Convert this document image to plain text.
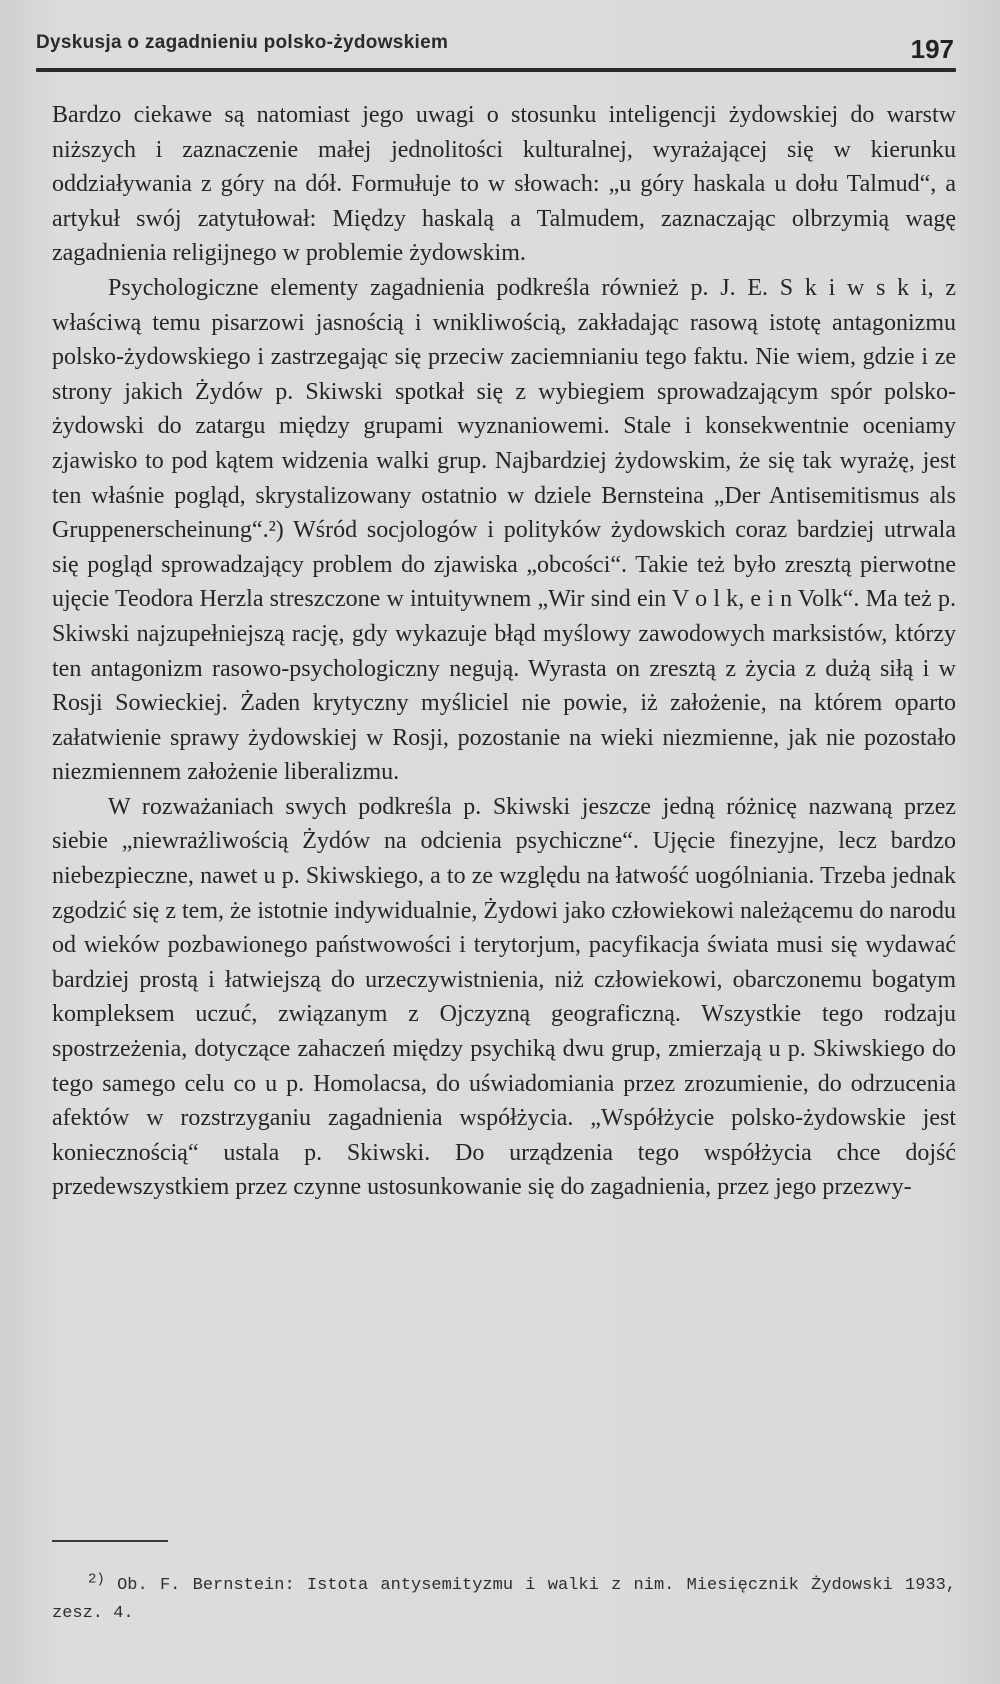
Dyskusja o zagadnieniu polsko-żydowskiem	197

Bardzo ciekawe są natomiast jego uwagi o stosunku inteligencji żydowskiej do warstw niższych i zaznaczenie małej jednolitości kulturalnej, wyrażającej się w kierunku oddziaływania z góry na dół. Formułuje to w słowach: „u góry haskala u dołu Talmud“, a artykuł swój zatytułował: Między haskalą a Talmudem, zaznaczając olbrzymią wagę zagadnienia religijnego w problemie żydowskim.

Psychologiczne elementy zagadnienia podkreśla również p. J. E. S k i w s k i, z właściwą temu pisarzowi jasnością i wnikliwością, zakładając rasową istotę antagonizmu polsko-żydowskiego i zastrzegając się przeciw zaciemnianiu tego faktu. Nie wiem, gdzie i ze strony jakich Żydów p. Skiwski spotkał się z wybiegiem sprowadzającym spór polsko-żydowski do zatargu między grupami wyznaniowemi. Stale i konsekwentnie oceniamy zjawisko to pod kątem widzenia walki grup. Najbardziej żydowskim, że się tak wyrażę, jest ten właśnie pogląd, skrystalizowany ostatnio w dziele Bernsteina „Der Antisemitismus als Gruppenerscheinung“.²) Wśród socjologów i polityków żydowskich coraz bardziej utrwala się pogląd sprowadzający problem do zjawiska „obcości“. Takie też było zresztą pierwotne ujęcie Teodora Herzla streszczone w intuitywnem „Wir sind ein V o l k, e i n Volk“. Ma też p. Skiwski najzupełniejszą rację, gdy wykazuje błąd myślowy zawodowych marksistów, którzy ten antagonizm rasowo-psychologiczny negują. Wyrasta on zresztą z życia z dużą siłą i w Rosji Sowieckiej. Żaden krytyczny myśliciel nie powie, iż założenie, na którem oparto załatwienie sprawy żydowskiej w Rosji, pozostanie na wieki niezmienne, jak nie pozostało niezmiennem założenie liberalizmu.

W rozważaniach swych podkreśla p. Skiwski jeszcze jedną różnicę nazwaną przez siebie „niewrażliwością Żydów na odcienia psychiczne“. Ujęcie finezyjne, lecz bardzo niebezpieczne, nawet u p. Skiwskiego, a to ze względu na łatwość uogólniania. Trzeba jednak zgodzić się z tem, że istotnie indywidualnie, Żydowi jako człowiekowi należącemu do narodu od wieków pozbawionego państwowości i terytorjum, pacyfikacja świata musi się wydawać bardziej prostą i łatwiejszą do urzeczywistnienia, niż człowiekowi, obarczonemu bogatym kompleksem uczuć, związanym z Ojczyzną geograficzną. Wszystkie tego rodzaju spostrzeżenia, dotyczące zahaczeń między psychiką dwu grup, zmierzają u p. Skiwskiego do tego samego celu co u p. Homolacsa, do uświadomiania przez zrozumienie, do odrzucenia afektów w rozstrzyganiu zagadnienia współżycia. „Współżycie polsko-żydowskie jest koniecznością“ ustala p. Skiwski. Do urządzenia tego współżycia chce dojść przedewszystkiem przez czynne ustosunkowanie się do zagadnienia, przez jego przezwy-

$^{2)}$ Ob. F. Bernstein: Istota antysemityzmu i walki z nim. Miesięcznik Żydowski 1933, zesz. 4.
